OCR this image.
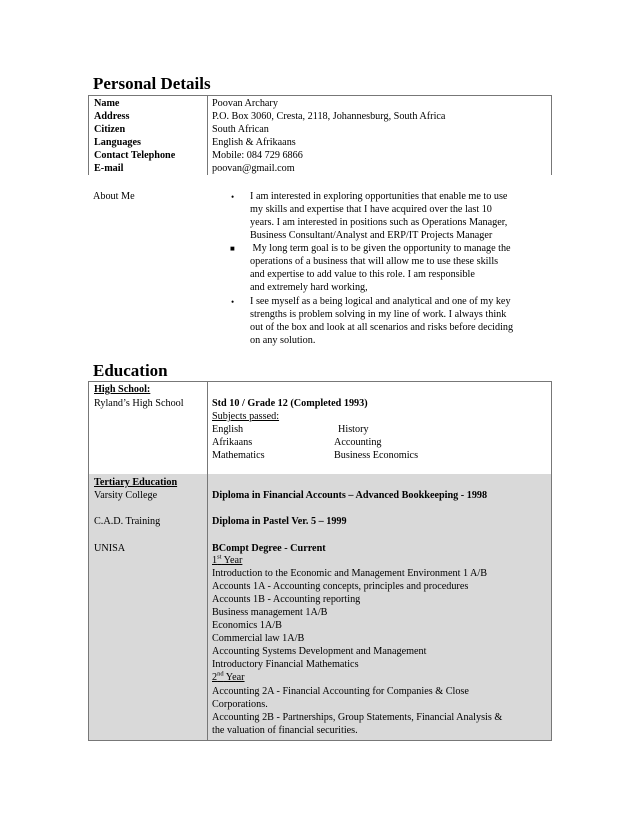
Personal Details
Name	Poovan Archary
Address	P.O. Box 3060, Cresta, 2118, Johannesburg, South Africa
Citizen	South African
Languages	English & Afrikaans
Contact Telephone	Mobile: 084 729 6866
E-mail	poovan@gmail.com
About Me	• I am interested in exploring opportunities that enable me to use
my skills and expertise that I have acquired over the last 10
years. I am interested in positions such as Operations Manager,
Business Consultant/Analyst and ERP/IT Projects Manager
■ My long term goal is to be given the opportunity to manage the
operations of a business that will allow me to use these skills
and expertise to add value to this role. I am responsible
and extremely hard working,
• I see myself as a being logical and analytical and one of my key
strengths is problem solving in my line of work. I always think
out of the box and look at all scenarios and risks before deciding
on any solution.
Education
High School:
Ryland’s High School	Std 10 / Grade 12 (Completed 1993)
Subjects passed:
English	History
Afrikaans	Accounting
Mathematics	Business Economics
Tertiary Education
Varsity College	Diploma in Financial Accounts – Advanced Bookkeeping - 1998
C.A.D. Training	Diploma in Pastel Ver. 5 – 1999
UNISA	BCompt Degree - Current
1st Year
Introduction to the Economic and Management Environment 1 A/B
Accounts 1A - Accounting concepts, principles and procedures
Accounts 1B - Accounting reporting
Business management 1A/B
Economics 1A/B
Commercial law 1A/B
Accounting Systems Development and Management
Introductory Financial Mathematics
2nd Year
Accounting 2A - Financial Accounting for Companies & Close
Corporations.
Accounting 2B - Partnerships, Group Statements, Financial Analysis &
the valuation of financial securities.
